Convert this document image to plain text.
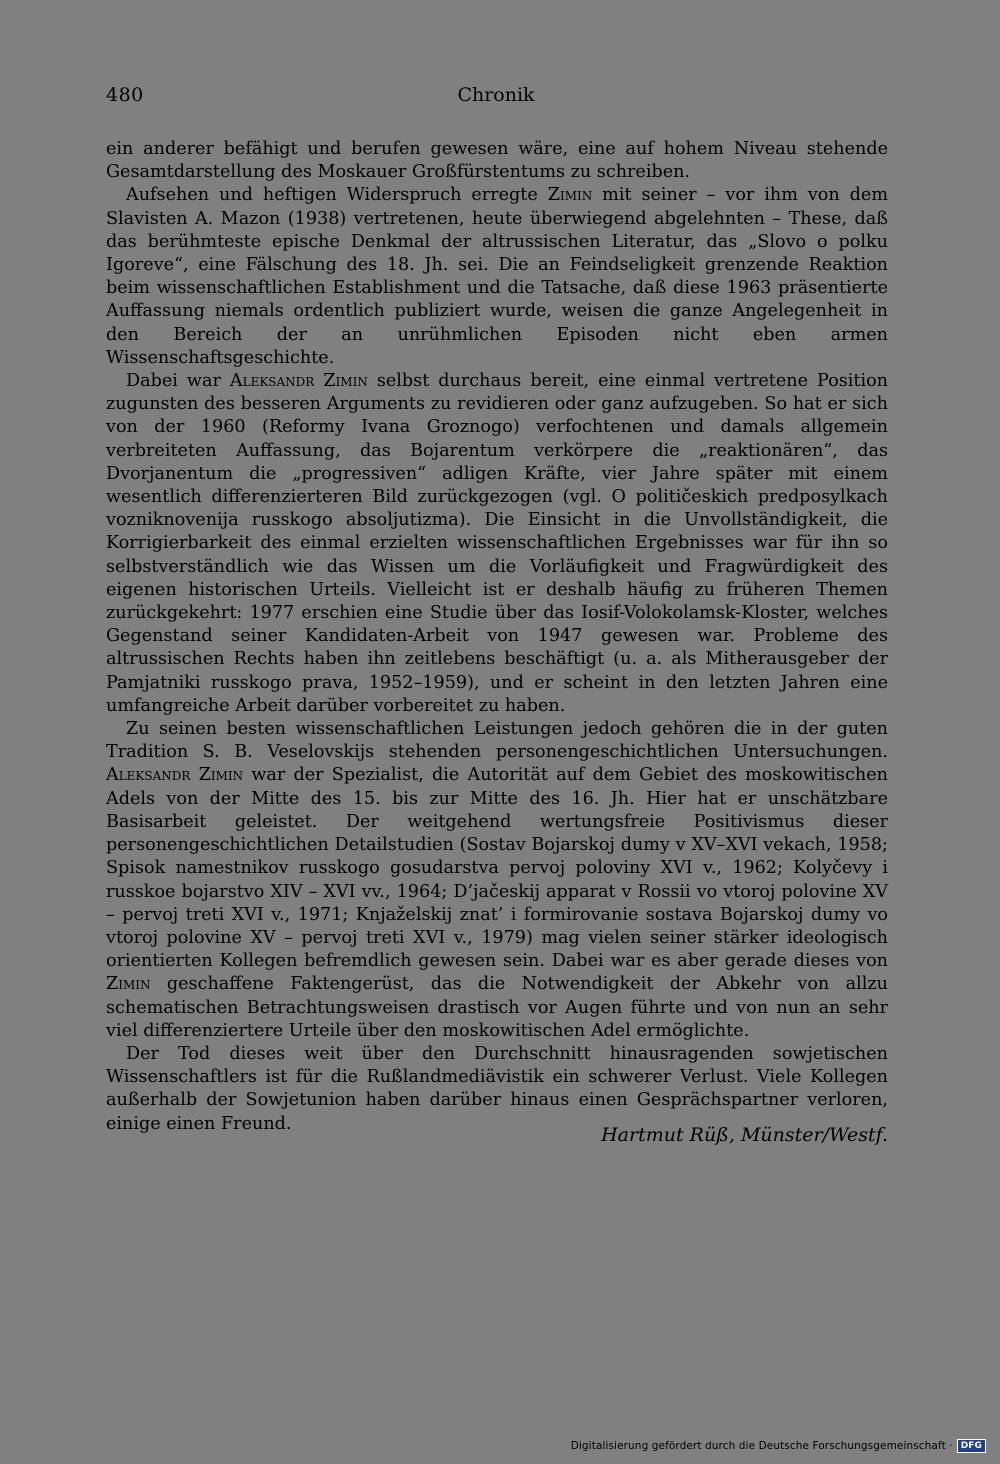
480	Chronik

ein anderer befähigt und berufen gewesen wäre, eine auf hohem Niveau stehende Gesamtdarstellung des Moskauer Großfürstentums zu schreiben.

Aufsehen und heftigen Widerspruch erregte Zimin mit seiner – vor ihm von dem Slavisten A. Mazon (1938) vertretenen, heute überwiegend abgelehnten – These, daß das berühmteste epische Denkmal der altrussischen Literatur, das „Slovo o polku Igoreve“, eine Fälschung des 18. Jh. sei. Die an Feindseligkeit grenzende Reaktion beim wissenschaftlichen Establishment und die Tatsache, daß diese 1963 präsentierte Auffassung niemals ordentlich publiziert wurde, weisen die ganze Angelegenheit in den Bereich der an unrühmlichen Episoden nicht eben armen Wissenschaftsgeschichte.

Dabei war Aleksandr Zimin selbst durchaus bereit, eine einmal vertretene Position zugunsten des besseren Arguments zu revidieren oder ganz aufzugeben. So hat er sich von der 1960 (Reformy Ivana Groznogo) verfochtenen und damals allgemein verbreiteten Auffassung, das Bojarentum verkörpere die „reaktionären“, das Dvorjanentum die „progressiven“ adligen Kräfte, vier Jahre später mit einem wesentlich differenzierteren Bild zurückgezogen (vgl. O političeskich predposylkach vozniknovenija russkogo absoljutizma). Die Einsicht in die Unvollständigkeit, die Korrigierbarkeit des einmal erzielten wissenschaftlichen Ergebnisses war für ihn so selbstverständlich wie das Wissen um die Vorläufigkeit und Fragwürdigkeit des eigenen historischen Urteils. Vielleicht ist er deshalb häufig zu früheren Themen zurückgekehrt: 1977 erschien eine Studie über das Iosif-Volokolamsk-Kloster, welches Gegenstand seiner Kandidaten-Arbeit von 1947 gewesen war. Probleme des altrussischen Rechts haben ihn zeitlebens beschäftigt (u. a. als Mitherausgeber der Pamjatniki russkogo prava, 1952–1959), und er scheint in den letzten Jahren eine umfangreiche Arbeit darüber vorbereitet zu haben.

Zu seinen besten wissenschaftlichen Leistungen jedoch gehören die in der guten Tradition S. B. Veselovskijs stehenden personengeschichtlichen Untersuchungen. Aleksandr Zimin war der Spezialist, die Autorität auf dem Gebiet des moskowitischen Adels von der Mitte des 15. bis zur Mitte des 16. Jh. Hier hat er unschätzbare Basisarbeit geleistet. Der weitgehend wertungsfreie Positivismus dieser personengeschichtlichen Detailstudien (Sostav Bojarskoj dumy v XV–XVI vekach, 1958; Spisok namestnikov russkogo gosudarstva pervoj poloviny XVI v., 1962; Kolyčevy i russkoe bojarstvo XIV – XVI vv., 1964; D’jačeskij apparat v Rossii vo vtoroj polovine XV – pervoj treti XVI v., 1971; Knjaželskij znat’ i formirovanie sostava Bojarskoj dumy vo vtoroj polovine XV – pervoj treti XVI v., 1979) mag vielen seiner stärker ideologisch orientierten Kollegen befremdlich gewesen sein. Dabei war es aber gerade dieses von Zimin geschaffene Faktengerüst, das die Notwendigkeit der Abkehr von allzu schematischen Betrachtungsweisen drastisch vor Augen führte und von nun an sehr viel differenziertere Urteile über den moskowitischen Adel ermöglichte.

Der Tod dieses weit über den Durchschnitt hinausragenden sowjetischen Wissenschaftlers ist für die Rußlandmediävistik ein schwerer Verlust. Viele Kollegen außerhalb der Sowjetunion haben darüber hinaus einen Gesprächspartner verloren, einige einen Freund.

Hartmut Rüß, Münster/Westf.
Digitalisierung gefördert durch die Deutsche Forschungsgemeinschaft · DFG
